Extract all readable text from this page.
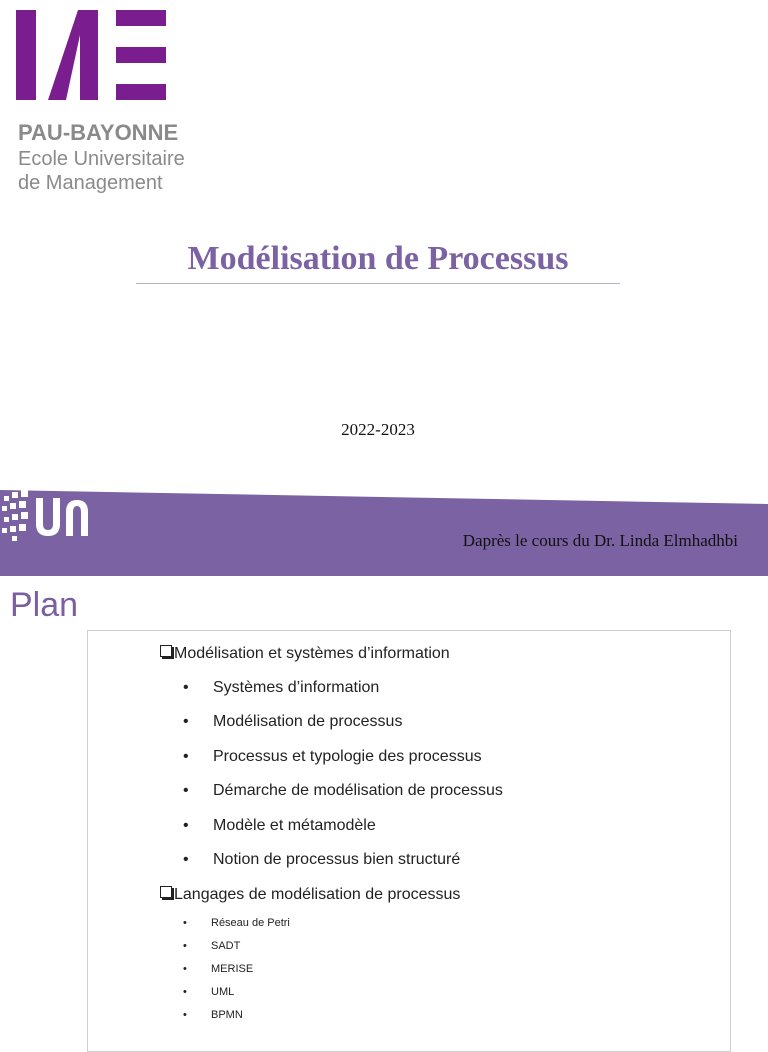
PAU-BAYONNE
Ecole Universitaire
de Management
Modélisation de Processus
2022-2023
Daprès le cours du Dr. Linda Elmhadhbi
Plan
Modélisation et systèmes d’information
• Systèmes d’information
• Modélisation de processus
• Processus et typologie des processus
• Démarche de modélisation de processus
• Modèle et métamodèle
• Notion de processus bien structuré
Langages de modélisation de processus
• Réseau de Petri
• SADT
• MERISE
• UML
• BPMN
